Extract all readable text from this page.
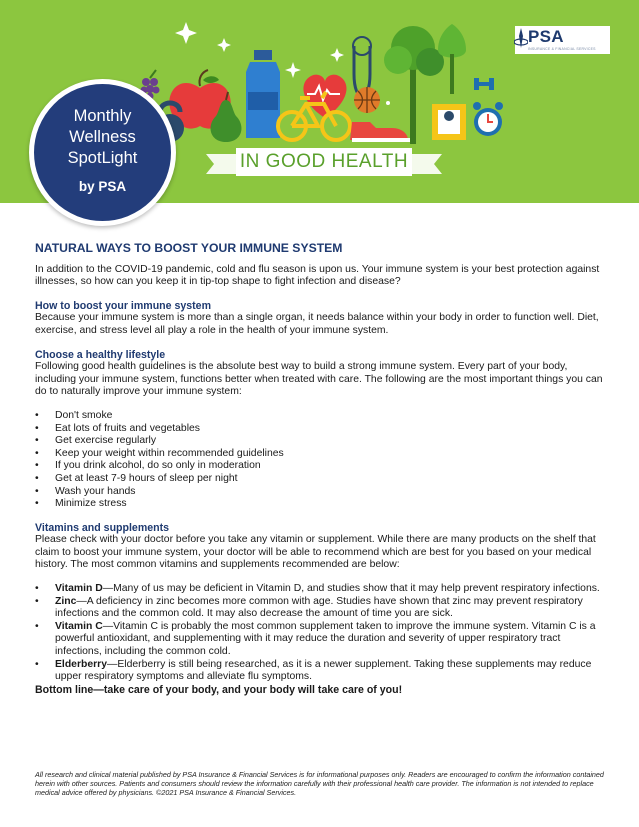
IN GOOD HEALTH
PSA
INSURANCE & FINANCIAL SERVICES
Monthly
Wellness
SpotLight
by PSA
NATURAL WAYS TO BOOST YOUR IMMUNE SYSTEM

In addition to the COVID-19 pandemic, cold and flu season is upon us. Your immune system is your best protection against illnesses, so how can you keep it in tip-top shape to fight infection and disease?

How to boost your immune system

Because your immune system is more than a single organ, it needs balance within your body in order to function well. Diet, exercise, and stress level all play a role in the health of your immune system.

Choose a healthy lifestyle

Following good health guidelines is the absolute best way to build a strong immune system. Every part of your body, including your immune system, functions better when treated with care. The following are the most important things you can do to naturally improve your immune system:

• Don't smoke
• Eat lots of fruits and vegetables
• Get exercise regularly
• Keep your weight within recommended guidelines
• If you drink alcohol, do so only in moderation
• Get at least 7-9 hours of sleep per night
• Wash your hands
• Minimize stress
Vitamins and supplements

Please check with your doctor before you take any vitamin or supplement. While there are many products on the shelf that claim to boost your immune system, your doctor will be able to recommend which are best for you based on your medical history. The most common vitamins and supplements recommended are below:

• Vitamin D—Many of us may be deficient in Vitamin D, and studies show that it may help prevent respiratory infections.
• Zinc—A deficiency in zinc becomes more common with age. Studies have shown that zinc may prevent respiratory infections and the common cold. It may also decrease the amount of time you are sick.
• Vitamin C—Vitamin C is probably the most common supplement taken to improve the immune system. Vitamin C is a powerful antioxidant, and supplementing with it may reduce the duration and severity of upper respiratory tract infections, including the common cold.
• Elderberry—Elderberry is still being researched, as it is a newer supplement. Taking these supplements may reduce upper respiratory symptoms and alleviate flu symptoms.

Bottom line—take care of your body, and your body will take care of you!

All research and clinical material published by PSA Insurance & Financial Services is for informational purposes only. Readers are encouraged to confirm the information contained herein with other sources. Patients and consumers should review the information carefully with their professional health care provider. The information is not intended to replace medical advice offered by physicians. ©2021 PSA Insurance & Financial Services.
